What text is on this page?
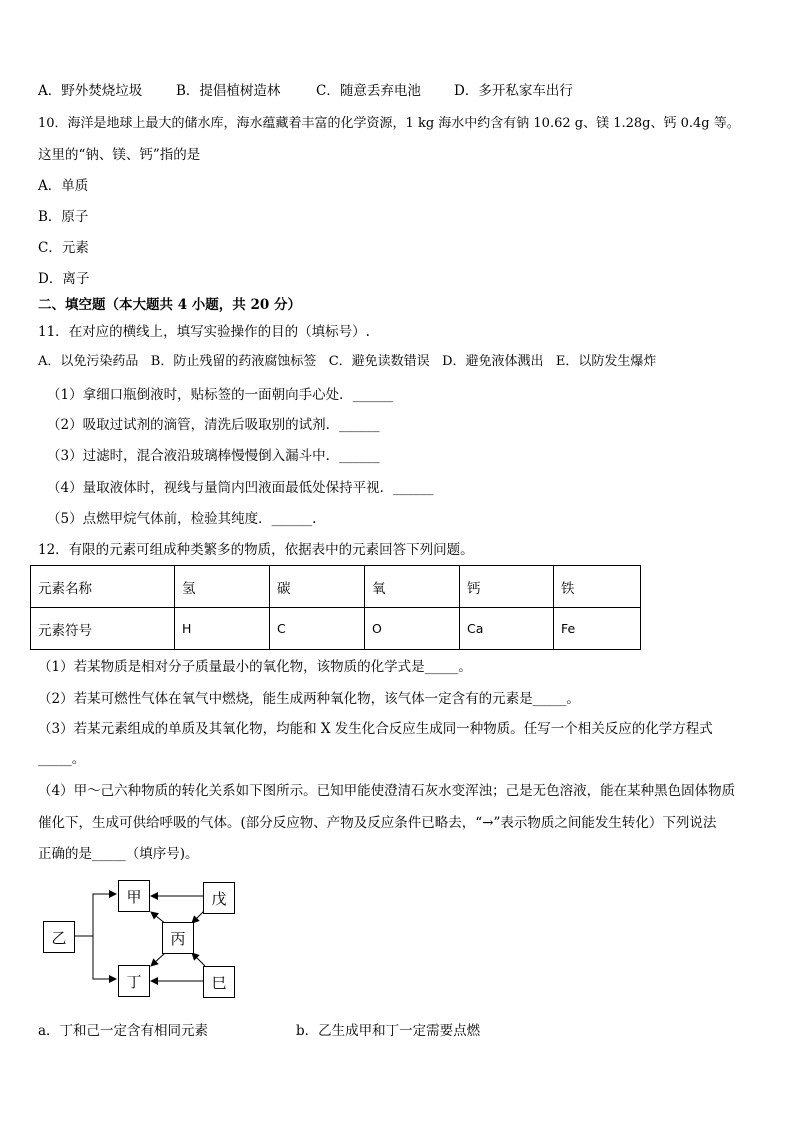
A．野外焚烧垃圾	B．提倡植树造林	C．随意丢弃电池 D．多开私家车出行
10．海洋是地球上最大的储水库，海水蕴藏着丰富的化学资源，1 kg 海水中约含有钠 10.62 g、镁 1.28g、钙 0.4g 等。
这里的“钠、镁、钙”指的是
A．单质
B．原子
C．元素
D．离子
二、填空题（本大题共 4 小题，共 20 分）
11．在对应的横线上，填写实验操作的目的（填标号）.
A．以免污染药品   B．防止残留的药液腐蚀标签   C．避免读数错误   D．避免液体溅出   E．以防发生爆炸
（1）拿细口瓶倒液时，贴标签的一面朝向手心处．______
（2）吸取过试剂的滴管，清洗后吸取别的试剂．______
（3）过滤时，混合液沿玻璃棒慢慢倒入漏斗中．______
（4）量取液体时，视线与量筒内凹液面最低处保持平视．______
（5）点燃甲烷气体前，检验其纯度．______.
12．有限的元素可组成种类繁多的物质，依据表中的元素回答下列问题。
元素名称	氢	碳	氧	钙	铁
元素符号	H	C	O	Ca	Fe
（1）若某物质是相对分子质量最小的氧化物，该物质的化学式是_____。
（2）若某可燃性气体在氧气中燃烧，能生成两种氧化物，该气体一定含有的元素是_____。
（3）若某元素组成的单质及其氧化物，均能和 X 发生化合反应生成同一种物质。任写一个相关反应的化学方程式
_____。
（4）甲～己六种物质的转化关系如下图所示。已知甲能使澄清石灰水变浑浊；己是无色溶液，能在某种黑色固体物质
催化下，生成可供给呼吸的气体。(部分反应物、产物及反应条件已略去，“→”表示物质之间能发生转化）下列说法
正确的是_____（填序号)。
乙
甲	戊
丙
丁	巳
a．丁和己一定含有相同元素	b．乙生成甲和丁一定需要点燃
